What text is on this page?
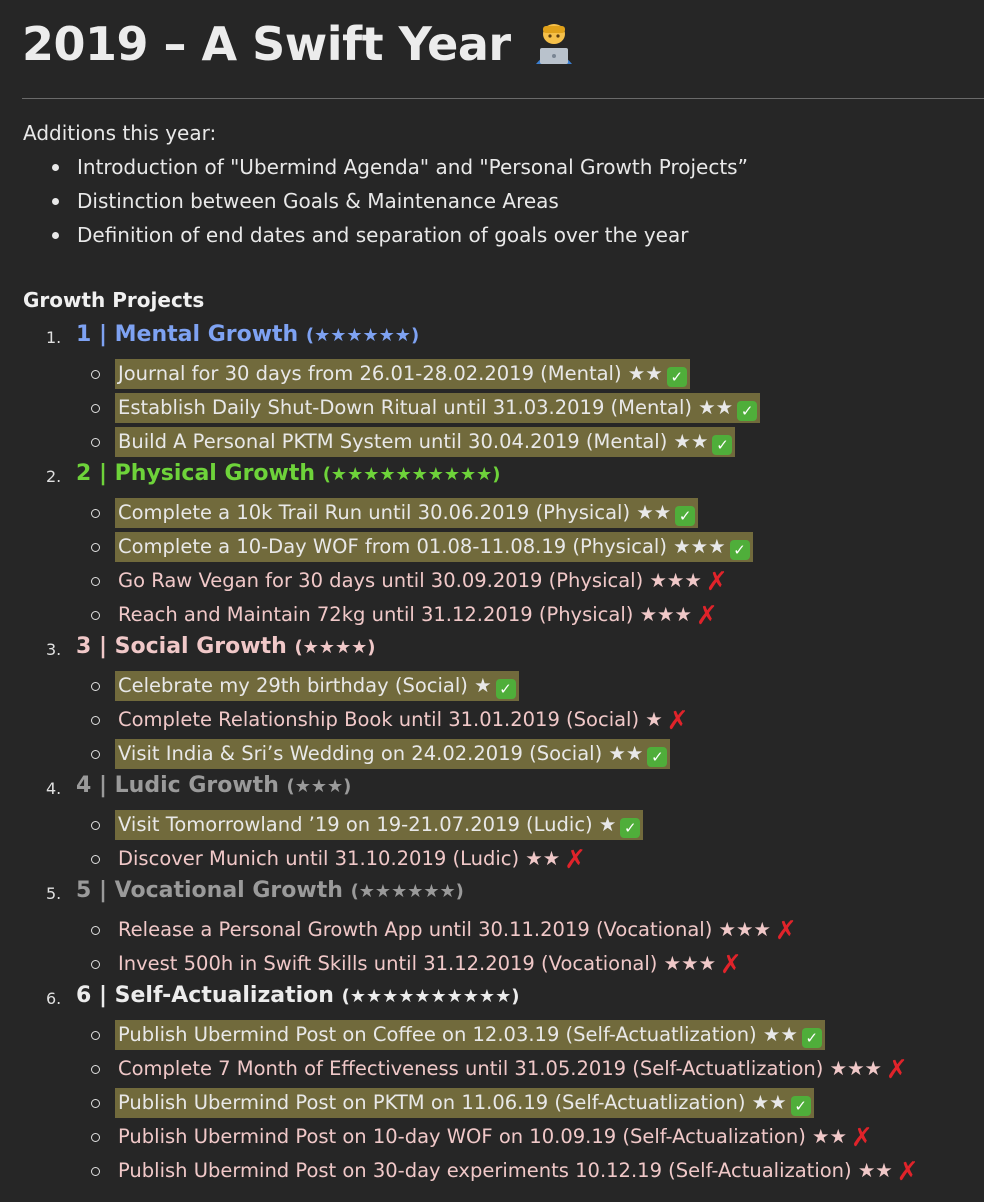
2019 – A Swift Year
Additions this year:
Introduction of "Ubermind Agenda" and "Personal Growth Projects”
Distinction between Goals & Maintenance Areas
Definition of end dates and separation of goals over the year
Growth Projects
1. 1 | Mental Growth (★★★★★★)
Journal for 30 days from 26.01-28.02.2019 (Mental) ★★ ✓
Establish Daily Shut-Down Ritual until 31.03.2019 (Mental) ★★ ✓
Build A Personal PKTM System until 30.04.2019 (Mental) ★★ ✓
2. 2 | Physical Growth (★★★★★★★★★★)
Complete a 10k Trail Run until 30.06.2019 (Physical) ★★ ✓
Complete a 10-Day WOF from 01.08-11.08.19 (Physical) ★★★ ✓
Go Raw Vegan for 30 days until 30.09.2019 (Physical) ★★★ ✗
Reach and Maintain 72kg until 31.12.2019 (Physical) ★★★ ✗
3. 3 | Social Growth (★★★★)
Celebrate my 29th birthday (Social) ★ ✓
Complete Relationship Book until 31.01.2019 (Social) ★ ✗
Visit India & Sri’s Wedding on 24.02.2019 (Social) ★★ ✓
4. 4 | Ludic Growth (★★★)
Visit Tomorrowland ’19 on 19-21.07.2019 (Ludic) ★ ✓
Discover Munich until 31.10.2019 (Ludic) ★★ ✗
5. 5 | Vocational Growth (★★★★★★)
Release a Personal Growth App until 30.11.2019 (Vocational) ★★★ ✗
Invest 500h in Swift Skills until 31.12.2019 (Vocational) ★★★ ✗
6. 6 | Self-Actualization (★★★★★★★★★★)
Publish Ubermind Post on Coffee on 12.03.19 (Self-Actuatlization) ★★ ✓
Complete 7 Month of Effectiveness until 31.05.2019 (Self-Actuatlization) ★★★ ✗
Publish Ubermind Post on PKTM on 11.06.19 (Self-Actuatlization) ★★ ✓
Publish Ubermind Post on 10-day WOF on 10.09.19 (Self-Actualization) ★★ ✗
Publish Ubermind Post on 30-day experiments 10.12.19 (Self-Actualization) ★★ ✗
